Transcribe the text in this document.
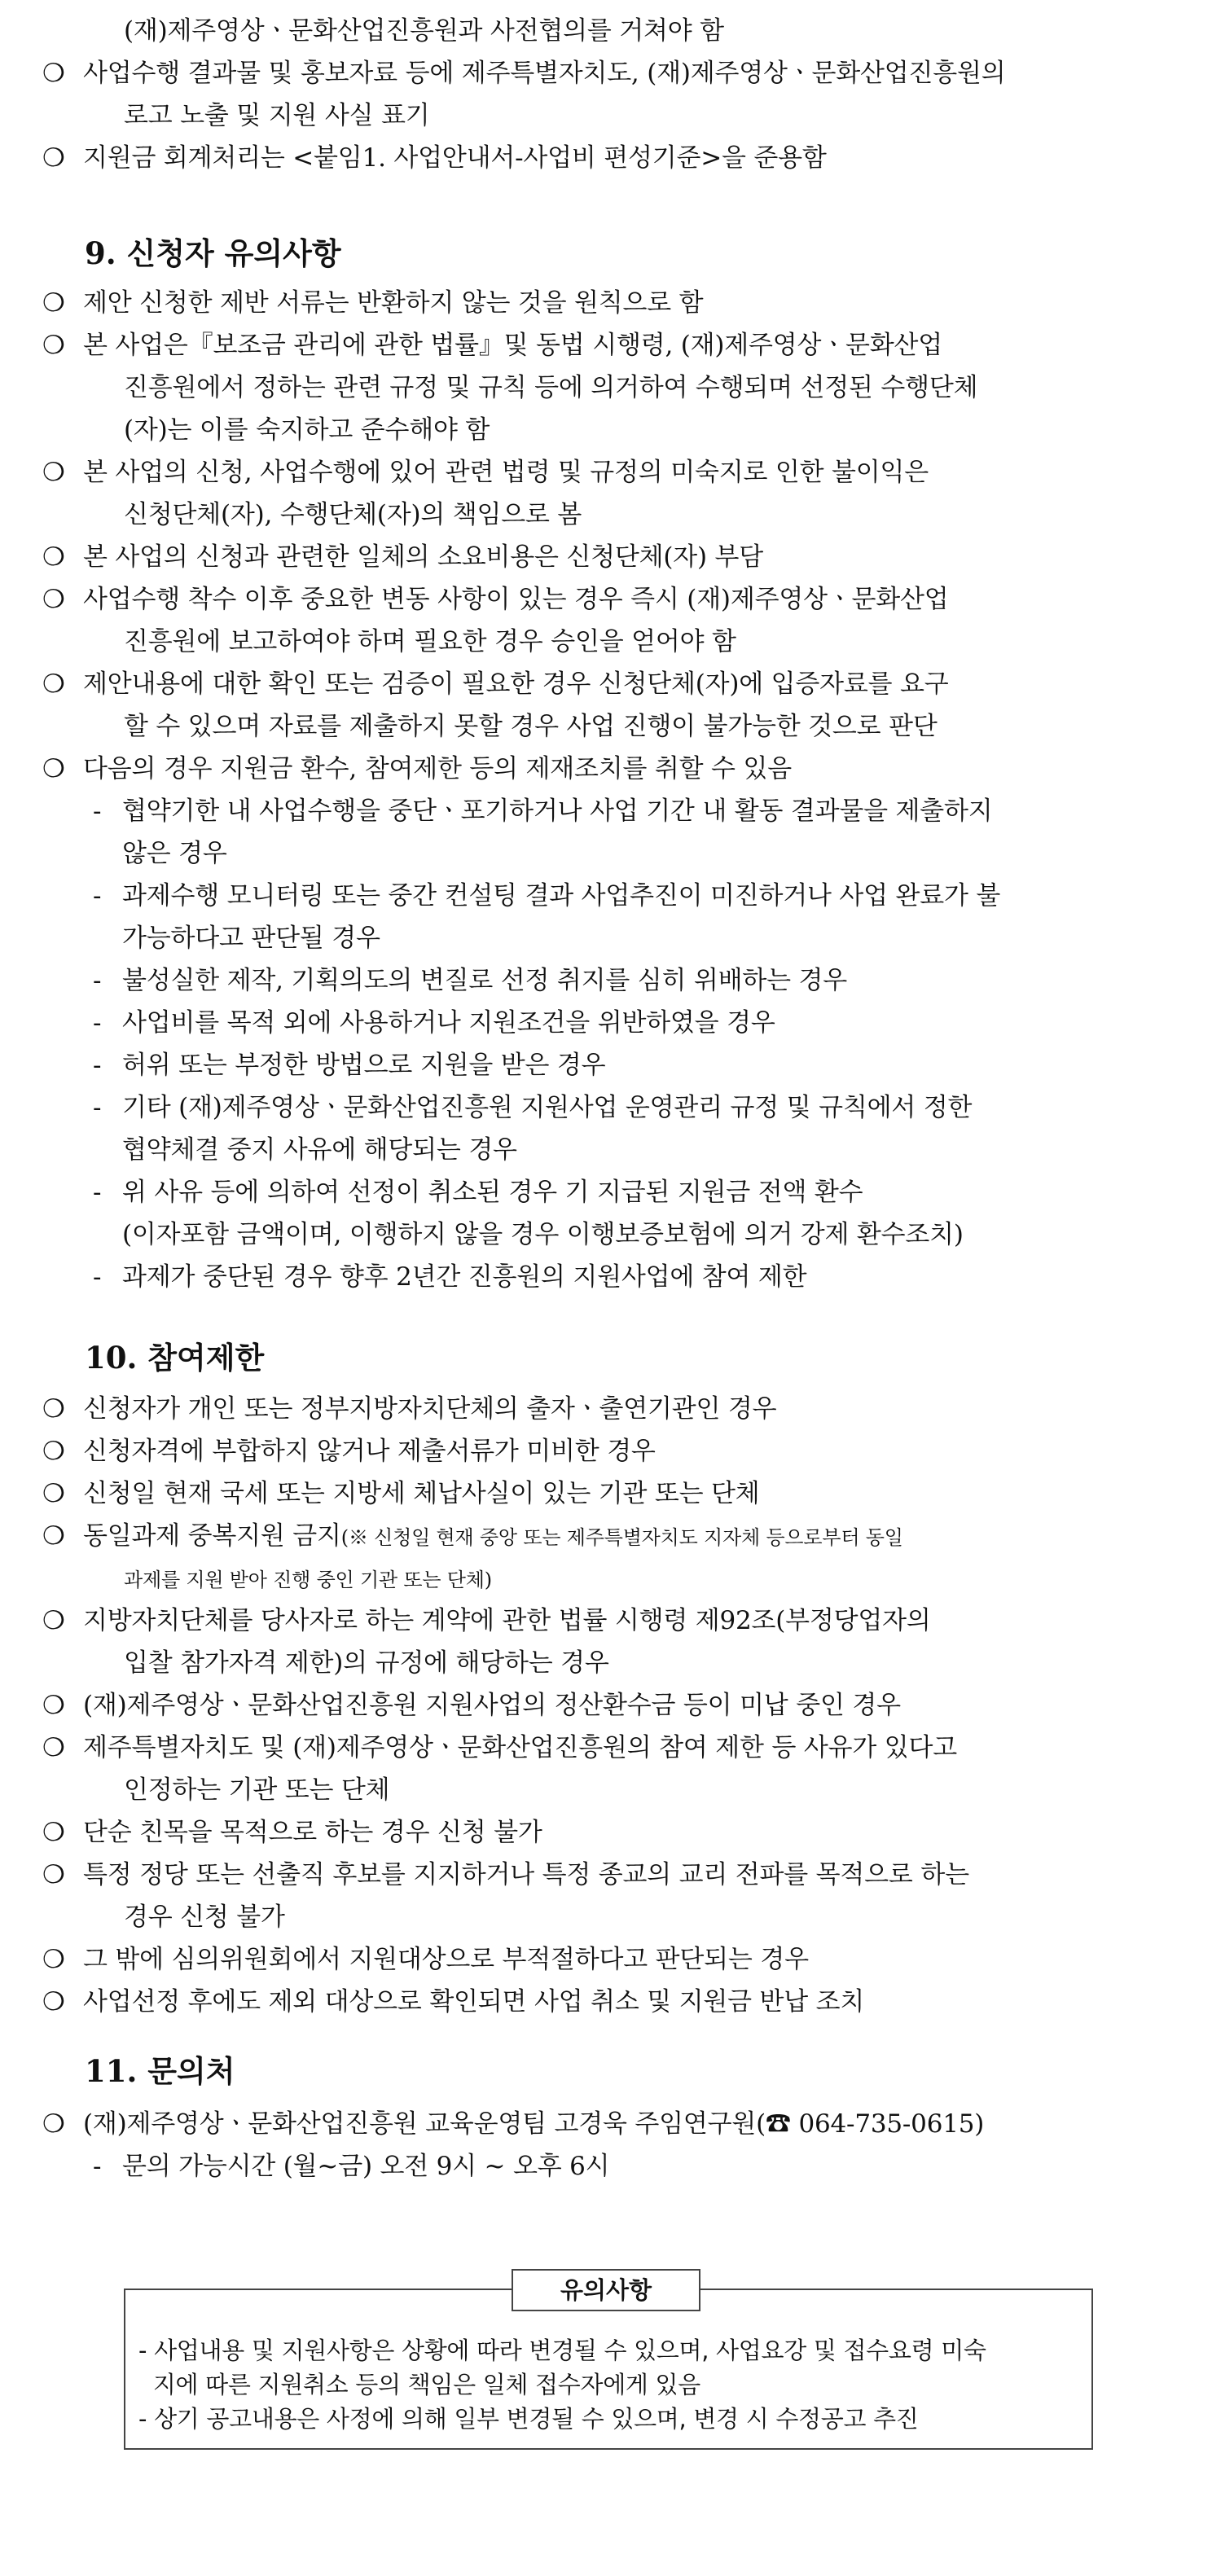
(재)제주영상ㆍ문화산업진흥원과 사전협의를 거쳐야 함
❍ 사업수행 결과물 및 홍보자료 등에 제주특별자치도, (재)제주영상ㆍ문화산업진흥원의
로고 노출 및 지원 사실 표기
❍ 지원금 회계처리는 <붙임1. 사업안내서-사업비 편성기준>을 준용함
9. 신청자 유의사항
❍ 제안 신청한 제반 서류는 반환하지 않는 것을 원칙으로 함
❍ 본 사업은『보조금 관리에 관한 법률』및 동법 시행령, (재)제주영상ㆍ문화산업
진흥원에서 정하는 관련 규정 및 규칙 등에 의거하여 수행되며 선정된 수행단체
(자)는 이를 숙지하고 준수해야 함
❍ 본 사업의 신청, 사업수행에 있어 관련 법령 및 규정의 미숙지로 인한 불이익은
신청단체(자), 수행단체(자)의 책임으로 봄
❍ 본 사업의 신청과 관련한 일체의 소요비용은 신청단체(자) 부담
❍ 사업수행 착수 이후 중요한 변동 사항이 있는 경우 즉시 (재)제주영상ㆍ문화산업
진흥원에 보고하여야 하며 필요한 경우 승인을 얻어야 함
❍ 제안내용에 대한 확인 또는 검증이 필요한 경우 신청단체(자)에 입증자료를 요구
할 수 있으며 자료를 제출하지 못할 경우 사업 진행이 불가능한 것으로 판단
❍ 다음의 경우 지원금 환수, 참여제한 등의 제재조치를 취할 수 있음
- 협약기한 내 사업수행을 중단ㆍ포기하거나 사업 기간 내 활동 결과물을 제출하지
않은 경우
- 과제수행 모니터링 또는 중간 컨설팅 결과 사업추진이 미진하거나 사업 완료가 불
가능하다고 판단될 경우
- 불성실한 제작, 기획의도의 변질로 선정 취지를 심히 위배하는 경우
- 사업비를 목적 외에 사용하거나 지원조건을 위반하였을 경우
- 허위 또는 부정한 방법으로 지원을 받은 경우
- 기타 (재)제주영상ㆍ문화산업진흥원 지원사업 운영관리 규정 및 규칙에서 정한
협약체결 중지 사유에 해당되는 경우
- 위 사유 등에 의하여 선정이 취소된 경우 기 지급된 지원금 전액 환수
(이자포함 금액이며, 이행하지 않을 경우 이행보증보험에 의거 강제 환수조치)
- 과제가 중단된 경우 향후 2년간 진흥원의 지원사업에 참여 제한
10. 참여제한
❍ 신청자가 개인 또는 정부지방자치단체의 출자ㆍ출연기관인 경우
❍ 신청자격에 부합하지 않거나 제출서류가 미비한 경우
❍ 신청일 현재 국세 또는 지방세 체납사실이 있는 기관 또는 단체
❍ 동일과제 중복지원 금지(※ 신청일 현재 중앙 또는 제주특별자치도 지자체 등으로부터 동일
과제를 지원 받아 진행 중인 기관 또는 단체)
❍ 지방자치단체를 당사자로 하는 계약에 관한 법률 시행령 제92조(부정당업자의
입찰 참가자격 제한)의 규정에 해당하는 경우
❍ (재)제주영상ㆍ문화산업진흥원 지원사업의 정산환수금 등이 미납 중인 경우
❍ 제주특별자치도 및 (재)제주영상ㆍ문화산업진흥원의 참여 제한 등 사유가 있다고
인정하는 기관 또는 단체
❍ 단순 친목을 목적으로 하는 경우 신청 불가
❍ 특정 정당 또는 선출직 후보를 지지하거나 특정 종교의 교리 전파를 목적으로 하는
경우 신청 불가
❍ 그 밖에 심의위원회에서 지원대상으로 부적절하다고 판단되는 경우
❍ 사업선정 후에도 제외 대상으로 확인되면 사업 취소 및 지원금 반납 조치
11. 문의처
❍ (재)제주영상ㆍ문화산업진흥원 교육운영팀 고경욱 주임연구원(☎ 064-735-0615)
- 문의 가능시간 (월~금) 오전 9시 ~ 오후 6시
유의사항
- 사업내용 및 지원사항은 상황에 따라 변경될 수 있으며, 사업요강 및 접수요령 미숙
지에 따른 지원취소 등의 책임은 일체 접수자에게 있음
- 상기 공고내용은 사정에 의해 일부 변경될 수 있으며, 변경 시 수정공고 추진
